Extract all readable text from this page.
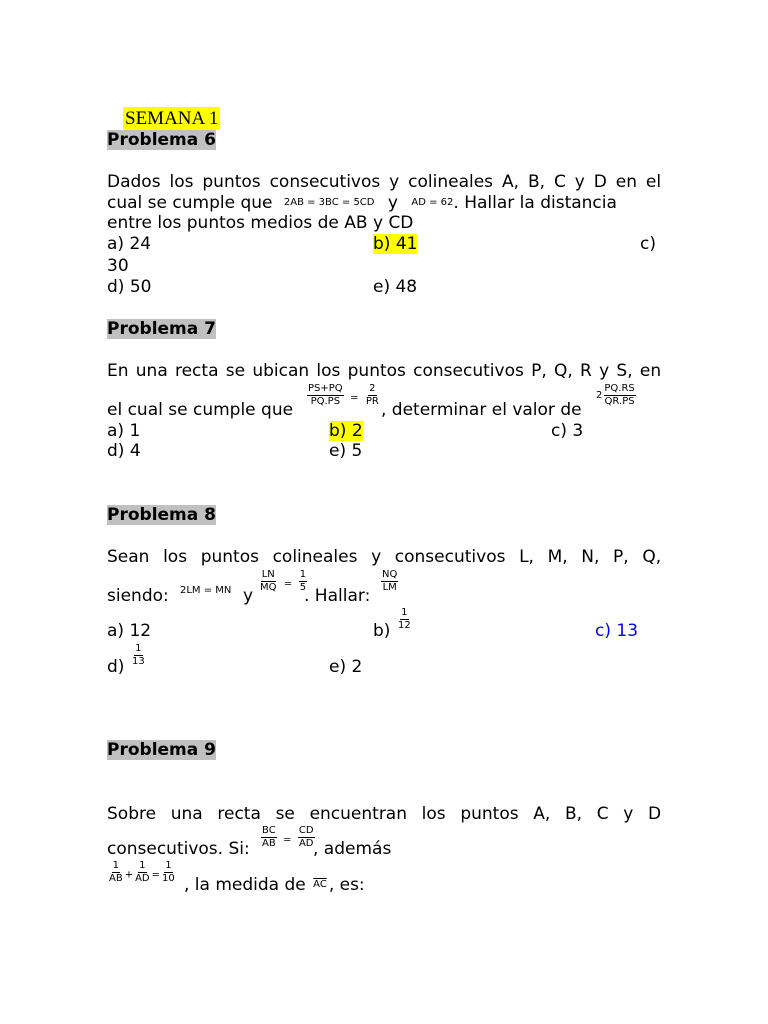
SEMANA 1
Problema 6
Dados los puntos consecutivos y colineales A, B, C y D en el
cual se cumple que 2AB = 3BC = 5CD y AD = 62. Hallar la distancia
entre los puntos medios de AB y CD
a) 24	b) 41	c)
30
d) 50	e) 48
Problema 7
En una recta se ubican los puntos consecutivos P, Q, R y S, en
el cual se cumple que
$\frac{PS+PQ}{PQ.PS} = \frac{2}{PR}$
, determinar el valor de
$2 \frac{PQ.RS}{QR.PS}$
a) 1	b) 2	c) 3
d) 4	e) 5
Problema 8
Sean los puntos colineales y consecutivos L, M, N, P, Q,
siendo: 2LM = MN y
$\frac{LN}{MQ} = \frac{1}{5}$
. Hallar:
$\frac{NQ}{LM}$
a) 12	$b) \frac{1}{12}$	c) 13
$d) \frac{1}{13}$	e) 2
Problema 9
Sobre una recta se encuentran los puntos A, B, C y D
consecutivos. Si: $\frac{BC}{AB} = \frac{CD}{AD}$
, además
$\frac{1}{AB} + \frac{1}{AD} = \frac{1}{10}$ , la medida de $\overline{AC}$ , es:
